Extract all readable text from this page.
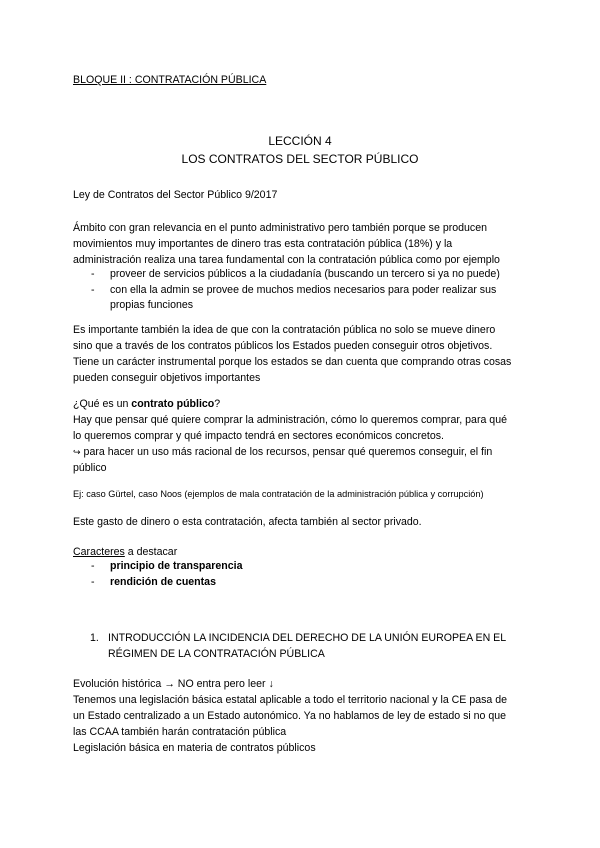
BLOQUE II : CONTRATACIÓN PÚBLICA
LECCIÓN 4
LOS CONTRATOS DEL SECTOR PÚBLICO
Ley de Contratos del Sector Público 9/2017
Ámbito con gran relevancia en el punto administrativo pero también porque se producen
movimientos muy importantes de dinero tras esta contratación pública (18%) y la
administración realiza una tarea fundamental con la contratación pública como por ejemplo
- proveer de servicios públicos a la ciudadanía (buscando un tercero si ya no puede)
- con ella la admin se provee de muchos medios necesarios para poder realizar sus
propias funciones
Es importante también la idea de que con la contratación pública no solo se mueve dinero
sino que a través de los contratos públicos los Estados pueden conseguir otros objetivos.
Tiene un carácter instrumental porque los estados se dan cuenta que comprando otras cosas
pueden conseguir objetivos importantes
¿Qué es un contrato público?
Hay que pensar qué quiere comprar la administración, cómo lo queremos comprar, para qué
lo queremos comprar y qué impacto tendrá en sectores económicos concretos.
↪ para hacer un uso más racional de los recursos, pensar qué queremos conseguir, el fin
público
Ej: caso Gürtel, caso Noos (ejemplos de mala contratación de la administración pública y corrupción)
Este gasto de dinero o esta contratación, afecta también al sector privado.
Caracteres a destacar
- principio de transparencia
- rendición de cuentas
1. INTRODUCCIÓN LA INCIDENCIA DEL DERECHO DE LA UNIÓN EUROPEA EN EL
RÉGIMEN DE LA CONTRATACIÓN PÚBLICA
Evolución histórica → NO entra pero leer ↓
Tenemos una legislación básica estatal aplicable a todo el territorio nacional y la CE pasa de
un Estado centralizado a un Estado autonómico. Ya no hablamos de ley de estado si no que
las CCAA también harán contratación pública
Legislación básica en materia de contratos públicos
